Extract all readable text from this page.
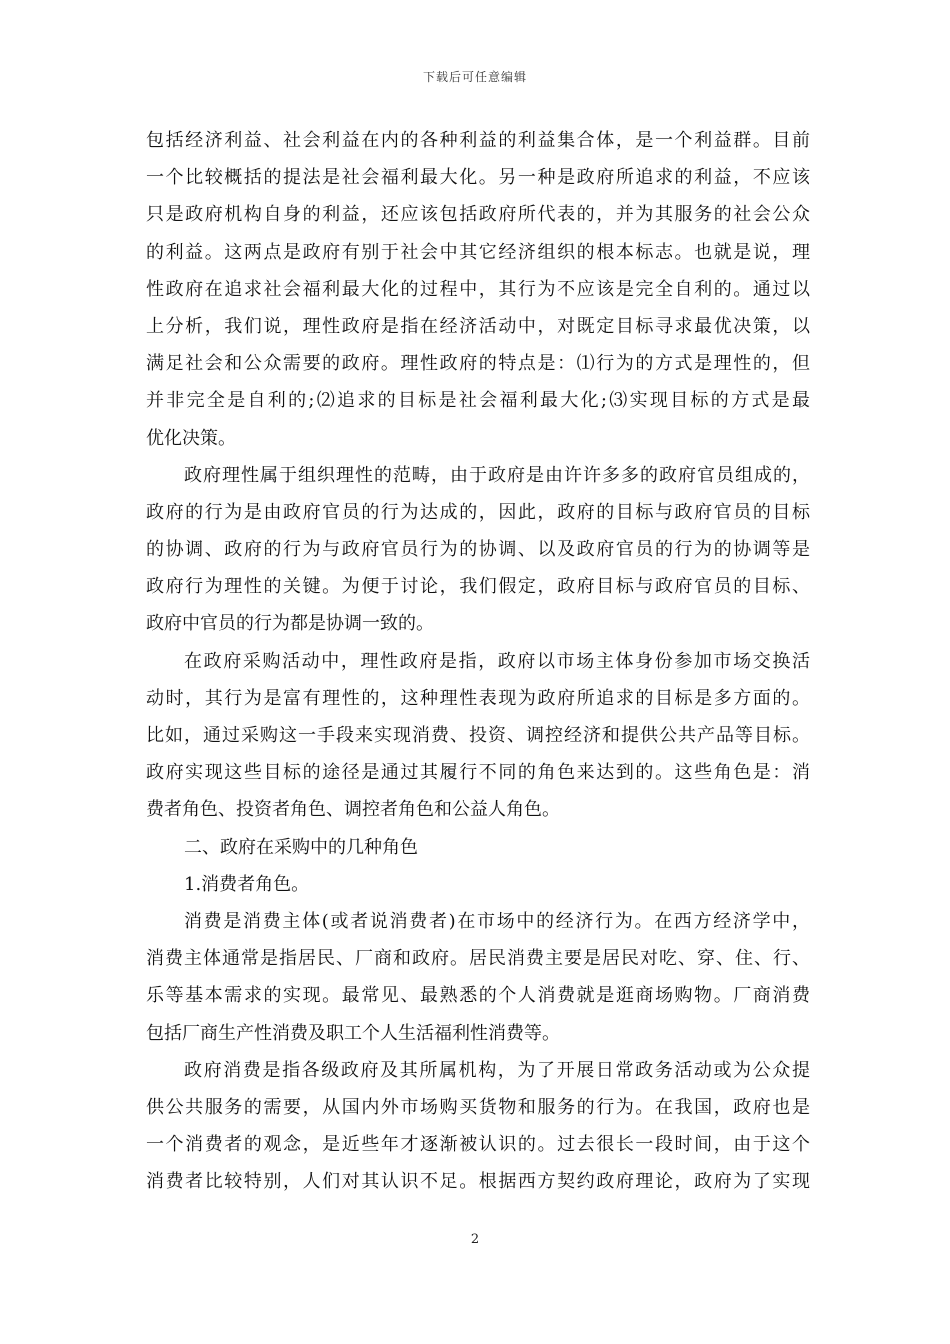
下载后可任意编辑
包括经济利益、社会利益在内的各种利益的利益集合体，是一个利益群。目前
一个比较概括的提法是社会福利最大化。另一种是政府所追求的利益，不应该
只是政府机构自身的利益，还应该包括政府所代表的，并为其服务的社会公众
的利益。这两点是政府有别于社会中其它经济组织的根本标志。也就是说，理
性政府在追求社会福利最大化的过程中，其行为不应该是完全自利的。通过以
上分析，我们说，理性政府是指在经济活动中，对既定目标寻求最优决策，以
满足社会和公众需要的政府。理性政府的特点是：⑴行为的方式是理性的，但
并非完全是自利的;⑵追求的目标是社会福利最大化;⑶实现目标的方式是最
优化决策。
政府理性属于组织理性的范畴，由于政府是由许许多多的政府官员组成的，
政府的行为是由政府官员的行为达成的，因此，政府的目标与政府官员的目标
的协调、政府的行为与政府官员行为的协调、以及政府官员的行为的协调等是
政府行为理性的关键。为便于讨论，我们假定，政府目标与政府官员的目标、
政府中官员的行为都是协调一致的。
在政府采购活动中，理性政府是指，政府以市场主体身份参加市场交换活
动时，其行为是富有理性的，这种理性表现为政府所追求的目标是多方面的。
比如，通过采购这一手段来实现消费、投资、调控经济和提供公共产品等目标。
政府实现这些目标的途径是通过其履行不同的角色来达到的。这些角色是：消
费者角色、投资者角色、调控者角色和公益人角色。
二、政府在采购中的几种角色
1.消费者角色。
消费是消费主体(或者说消费者)在市场中的经济行为。在西方经济学中，
消费主体通常是指居民、厂商和政府。居民消费主要是居民对吃、穿、住、行、
乐等基本需求的实现。最常见、最熟悉的个人消费就是逛商场购物。厂商消费
包括厂商生产性消费及职工个人生活福利性消费等。
政府消费是指各级政府及其所属机构，为了开展日常政务活动或为公众提
供公共服务的需要，从国内外市场购买货物和服务的行为。在我国，政府也是
一个消费者的观念，是近些年才逐渐被认识的。过去很长一段时间，由于这个
消费者比较特别，人们对其认识不足。根据西方契约政府理论，政府为了实现
2
